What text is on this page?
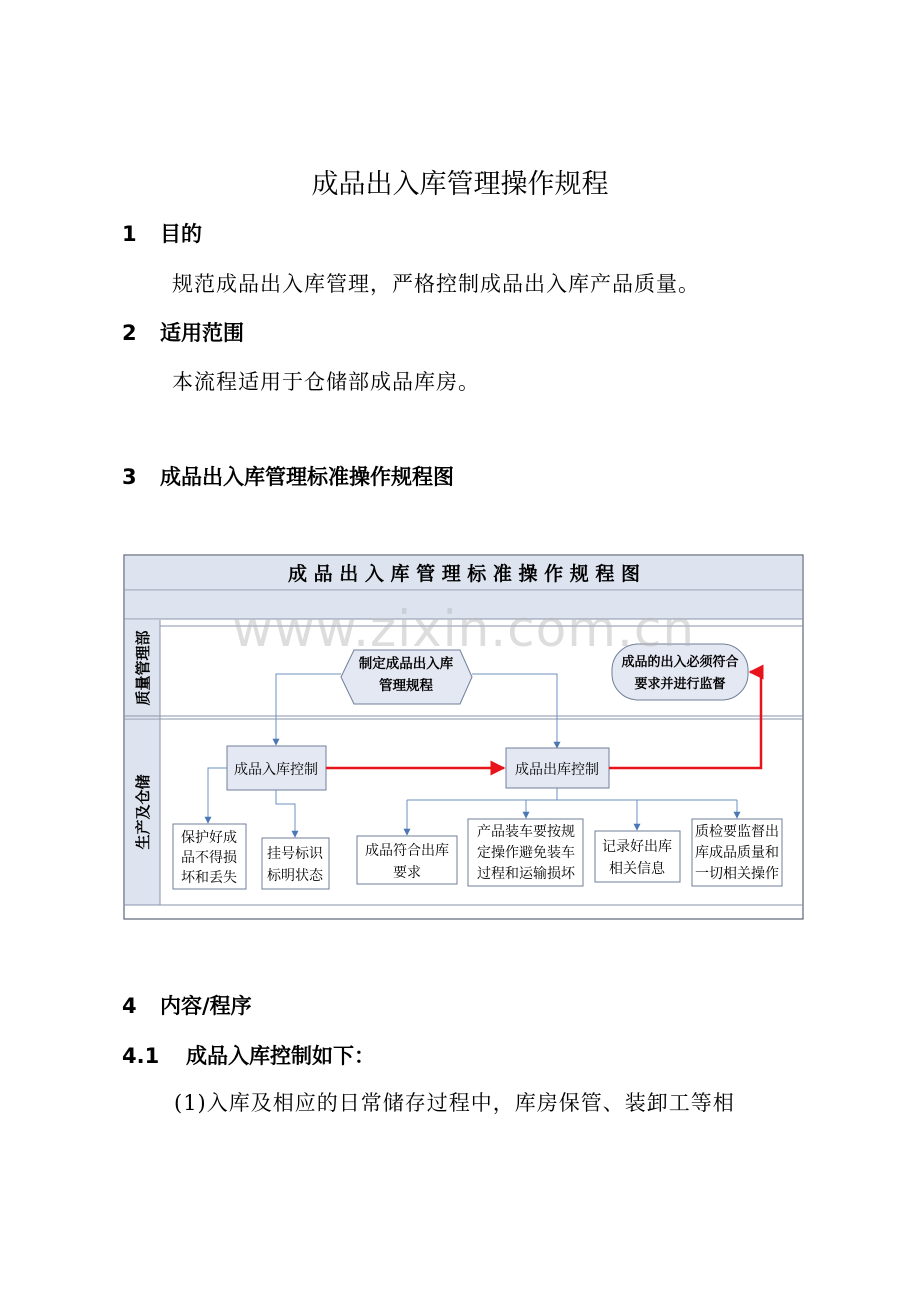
成品出入库管理操作规程
1 目的
规范成品出入库管理，严格控制成品出入库产品质量。
2 适用范围
本流程适用于仓储部成品库房。
3 成品出入库管理标准操作规程图
成 品 出 入 库 管 理 标 准 操 作 规 程 图
质量管理部
生产及仓储
制定成品出入库
管理规程
成品的出入必须符合
要求并进行监督
成品入库控制	成品出库控制
保护好成
品不得损
坏和丢失
挂号标识
标明状态
成品符合出库
要求
产品装车要按规
定操作避免装车
过程和运输损坏
记录好出库
相关信息
质检要监督出
库成品质量和
一切相关操作
www.zixin.com.cn
4 内容/程序
4.1 成品入库控制如下：
(1)入库及相应的日常储存过程中，库房保管、装卸工等相
